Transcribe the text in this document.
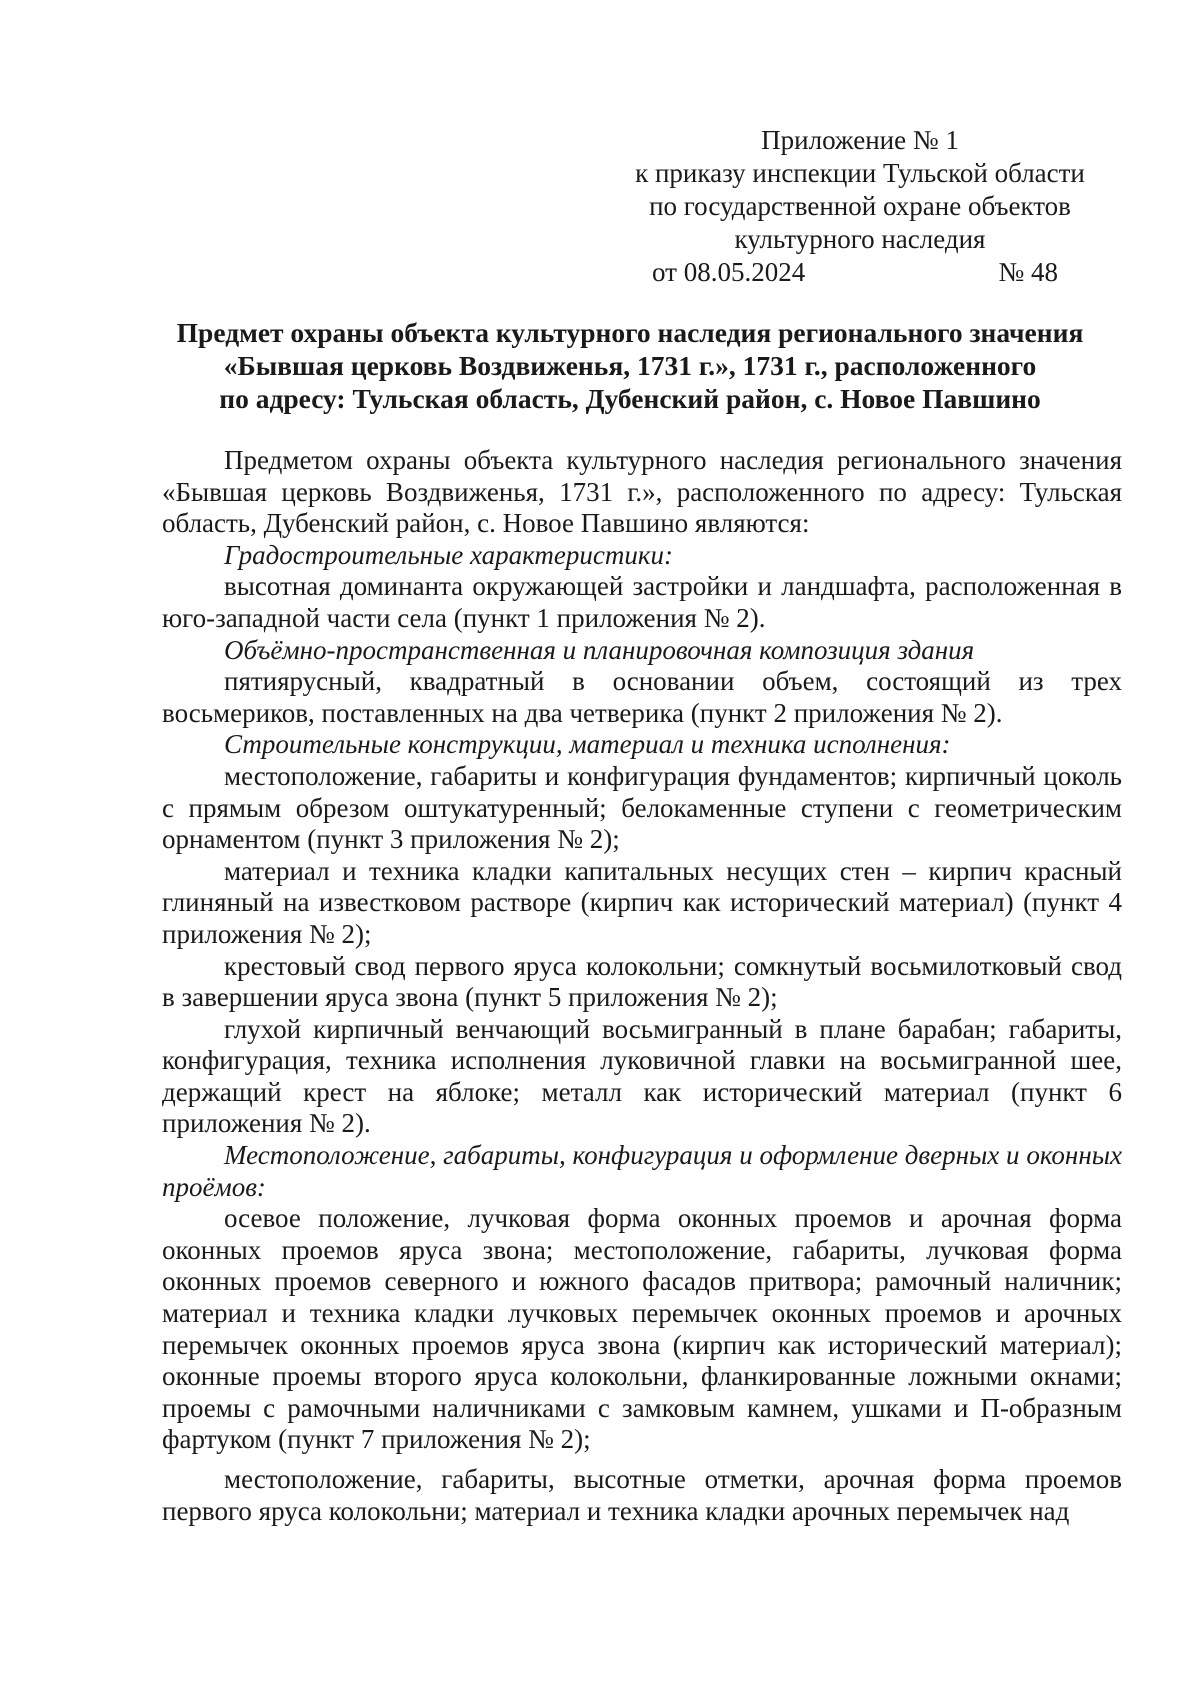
Приложение № 1
к приказу инспекции Тульской области
по государственной охране объектов
культурного наследия
от 08.05.2024	№ 48
Предмет охраны объекта культурного наследия регионального значения
«Бывшая церковь Воздвиженья, 1731 г.», 1731 г., расположенного
по адресу: Тульская область, Дубенский район, с. Новое Павшино

Предметом охраны объекта культурного наследия регионального значения «Бывшая церковь Воздвиженья, 1731 г.», расположенного по адресу: Тульская область, Дубенский район, с. Новое Павшино являются:

Градостроительные характеристики:

высотная доминанта окружающей застройки и ландшафта, расположенная в юго-западной части села (пункт 1 приложения № 2).

Объёмно-пространственная и планировочная композиция здания

пятиярусный, квадратный в основании объем, состоящий из трех восьмериков, поставленных на два четверика (пункт 2 приложения № 2).

Строительные конструкции, материал и техника исполнения:

местоположение, габариты и конфигурация фундаментов; кирпичный цоколь с прямым обрезом оштукатуренный; белокаменные ступени с геометрическим орнаментом (пункт 3 приложения № 2);

материал и техника кладки капитальных несущих стен – кирпич красный глиняный на известковом растворе (кирпич как исторический материал) (пункт 4 приложения № 2);

крестовый свод первого яруса колокольни; сомкнутый восьмилотковый свод в завершении яруса звона (пункт 5 приложения № 2);

глухой кирпичный венчающий восьмигранный в плане барабан; габариты, конфигурация, техника исполнения луковичной главки на восьмигранной шее, держащий крест на яблоке; металл как исторический материал (пункт 6 приложения № 2).

Местоположение, габариты, конфигурация и оформление дверных и оконных проёмов:

осевое положение, лучковая форма оконных проемов и арочная форма оконных проемов яруса звона; местоположение, габариты, лучковая форма оконных проемов северного и южного фасадов притвора; рамочный наличник; материал и техника кладки лучковых перемычек оконных проемов и арочных перемычек оконных проемов яруса звона (кирпич как исторический материал); оконные проемы второго яруса колокольни, фланкированные ложными окнами; проемы с рамочными наличниками с замковым камнем, ушками и П-образным фартуком (пункт 7 приложения № 2);

местоположение, габариты, высотные отметки, арочная форма проемов первого яруса колокольни; материал и техника кладки арочных перемычек над
